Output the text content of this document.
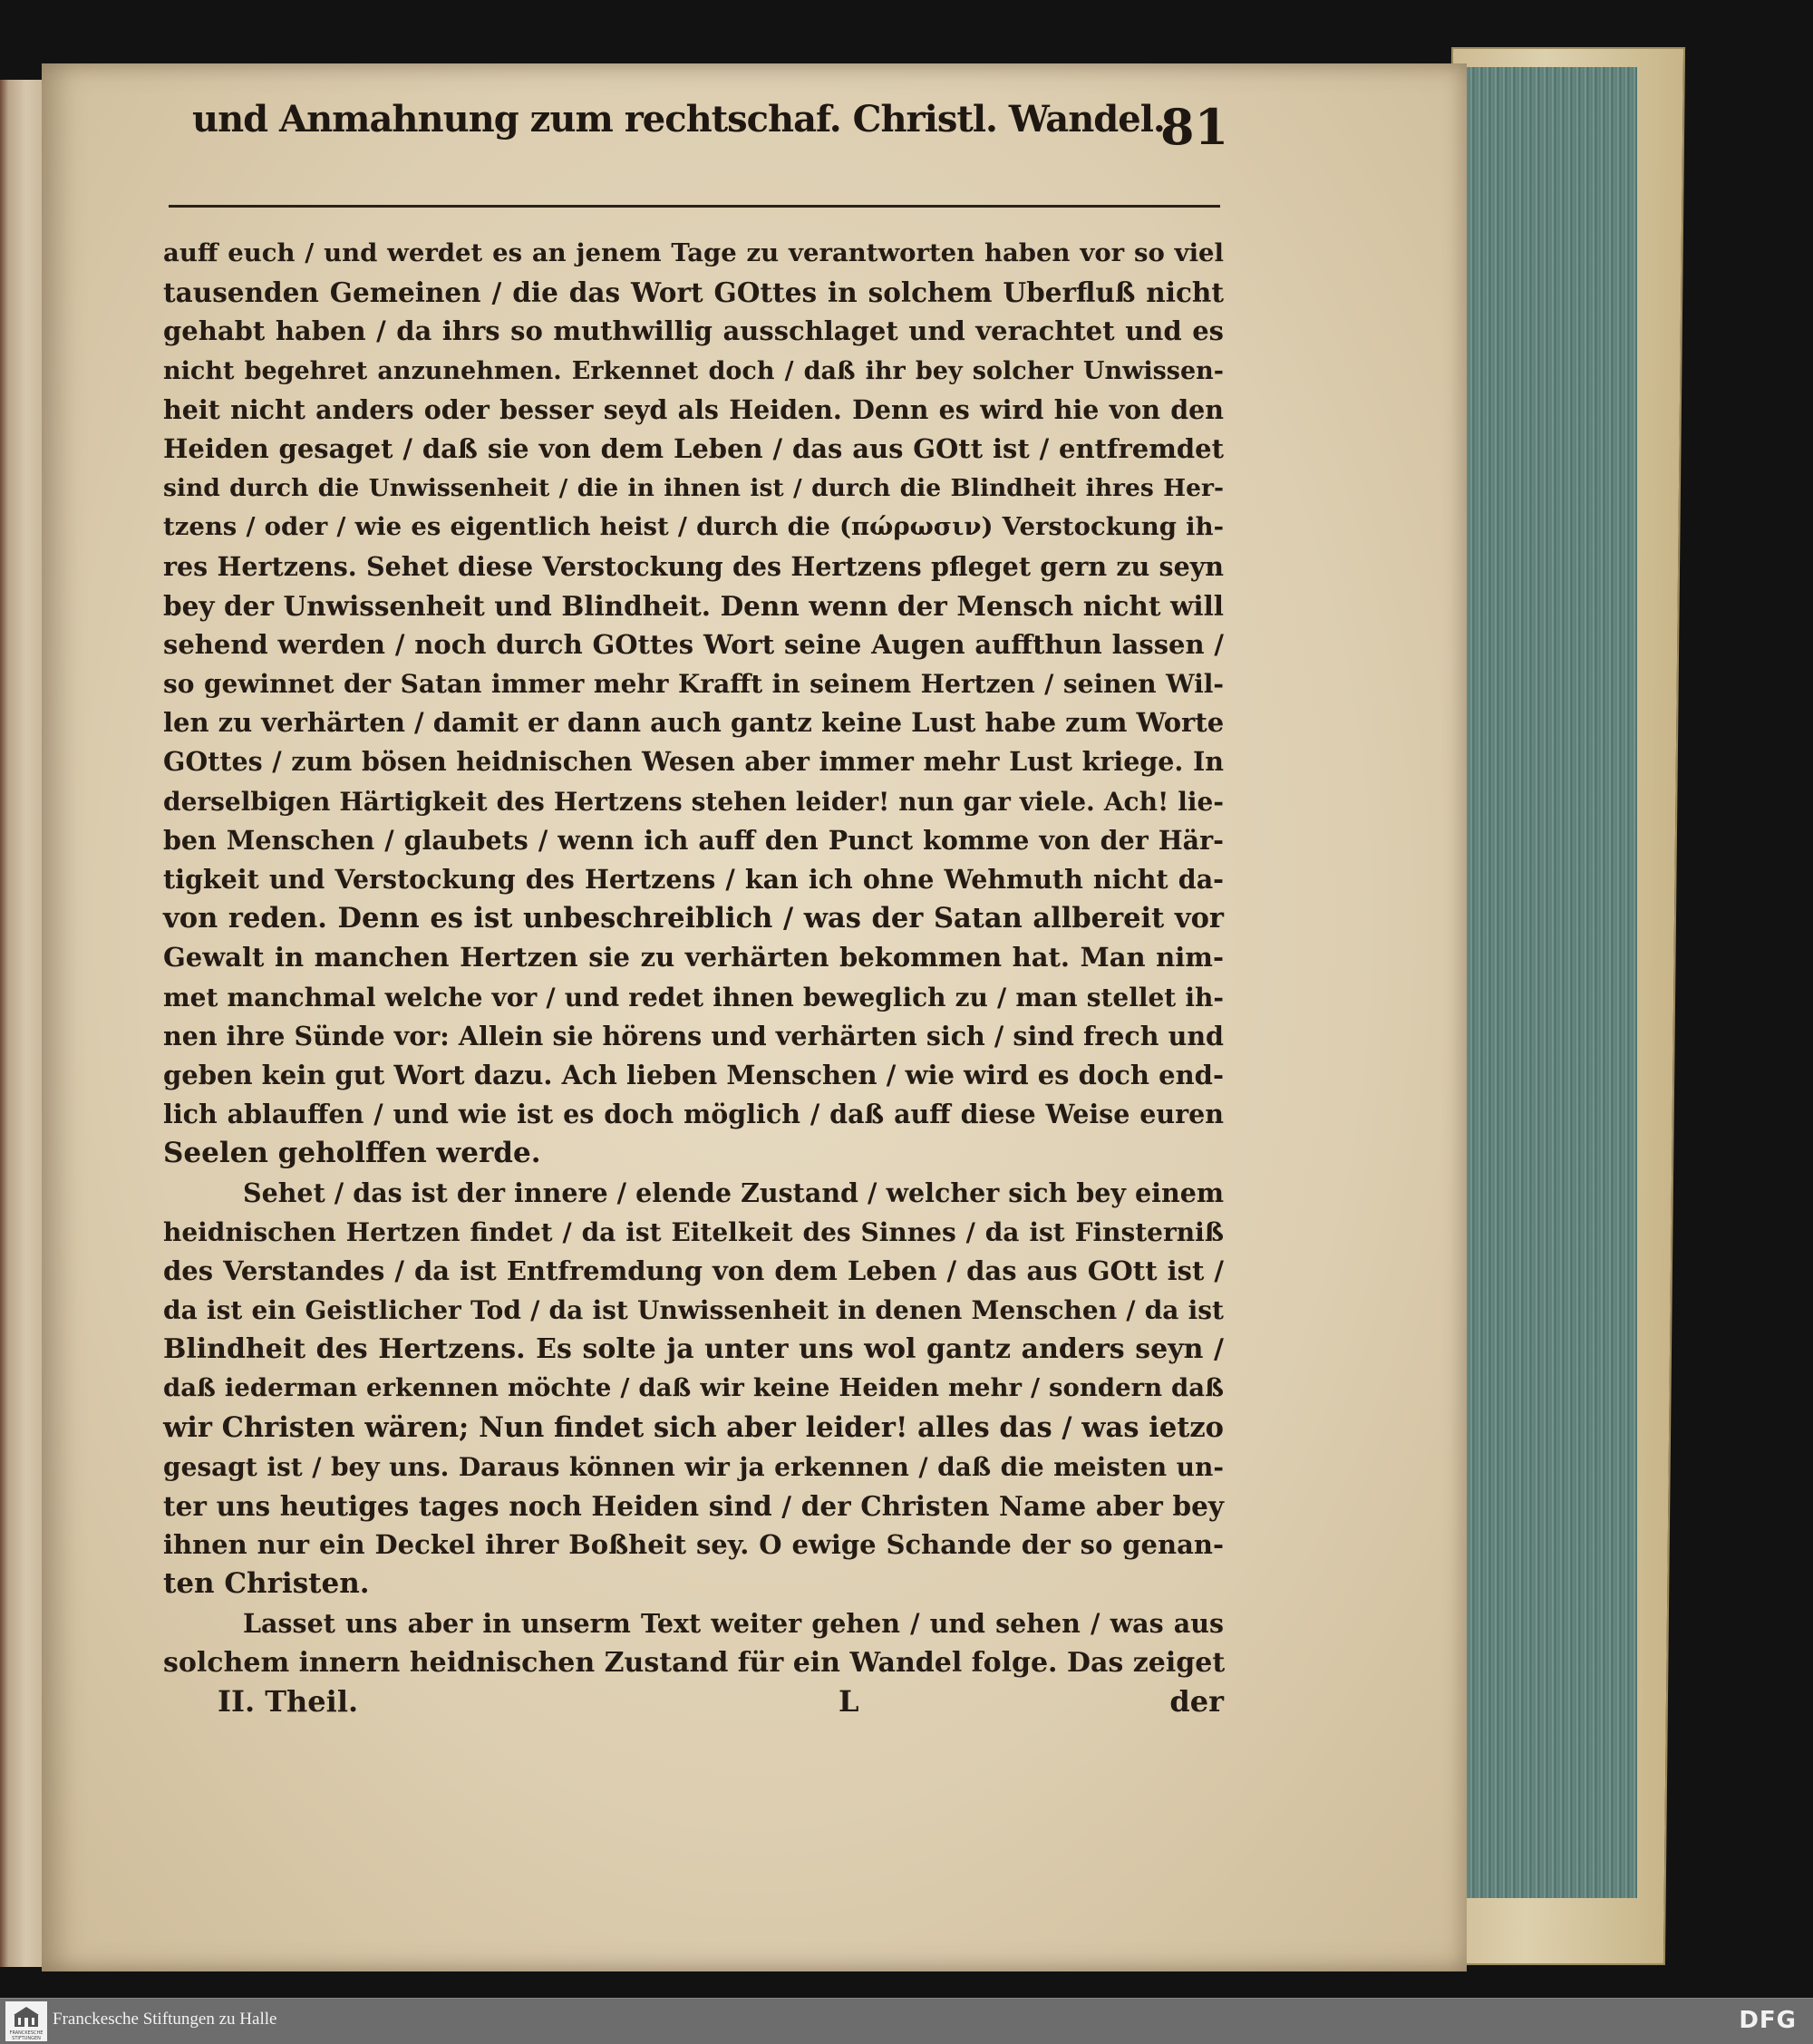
und Anmahnung zum rechtschaf. Christl. Wandel.
81
auff euch / und werdet es an jenem Tage zu verantworten haben vor so viel
tausenden Gemeinen / die das Wort GOttes in solchem Uberfluß nicht
gehabt haben / da ihrs so muthwillig ausschlaget und verachtet und es
nicht begehret anzunehmen. Erkennet doch / daß ihr bey solcher Unwissen-
heit nicht anders oder besser seyd als Heiden. Denn es wird hie von den
Heiden gesaget / daß sie von dem Leben / das aus GOtt ist / entfremdet
sind durch die Unwissenheit / die in ihnen ist / durch die Blindheit ihres Her-
tzens / oder / wie es eigentlich heist / durch die (πώρωσιν) Verstockung ih-
res Hertzens. Sehet diese Verstockung des Hertzens pfleget gern zu seyn
bey der Unwissenheit und Blindheit. Denn wenn der Mensch nicht will
sehend werden / noch durch GOttes Wort seine Augen auffthun lassen /
so gewinnet der Satan immer mehr Krafft in seinem Hertzen / seinen Wil-
len zu verhärten / damit er dann auch gantz keine Lust habe zum Worte
GOttes / zum bösen heidnischen Wesen aber immer mehr Lust kriege. In
derselbigen Härtigkeit des Hertzens stehen leider! nun gar viele. Ach! lie-
ben Menschen / glaubets / wenn ich auff den Punct komme von der Här-
tigkeit und Verstockung des Hertzens / kan ich ohne Wehmuth nicht da-
von reden. Denn es ist unbeschreiblich / was der Satan allbereit vor
Gewalt in manchen Hertzen sie zu verhärten bekommen hat. Man nim-
met manchmal welche vor / und redet ihnen beweglich zu / man stellet ih-
nen ihre Sünde vor: Allein sie hörens und verhärten sich / sind frech und
geben kein gut Wort dazu. Ach lieben Menschen / wie wird es doch end-
lich ablauffen / und wie ist es doch möglich / daß auff diese Weise euren
Seelen geholffen werde.
Sehet / das ist der innere / elende Zustand / welcher sich bey einem
heidnischen Hertzen findet / da ist Eitelkeit des Sinnes / da ist Finsterniß
des Verstandes / da ist Entfremdung von dem Leben / das aus GOtt ist /
da ist ein Geistlicher Tod / da ist Unwissenheit in denen Menschen / da ist
Blindheit des Hertzens. Es solte ja unter uns wol gantz anders seyn /
daß iederman erkennen möchte / daß wir keine Heiden mehr / sondern daß
wir Christen wären; Nun findet sich aber leider! alles das / was ietzo
gesagt ist / bey uns. Daraus können wir ja erkennen / daß die meisten un-
ter uns heutiges tages noch Heiden sind / der Christen Name aber bey
ihnen nur ein Deckel ihrer Boßheit sey. O ewige Schande der so genan-
ten Christen.
Lasset uns aber in unserm Text weiter gehen / und sehen / was aus
solchem innern heidnischen Zustand für ein Wandel folge. Das zeiget
II. Theil.	L	der
FRANCKESCHE STIFTUNGEN
Franckesche Stiftungen zu Halle	DFG
